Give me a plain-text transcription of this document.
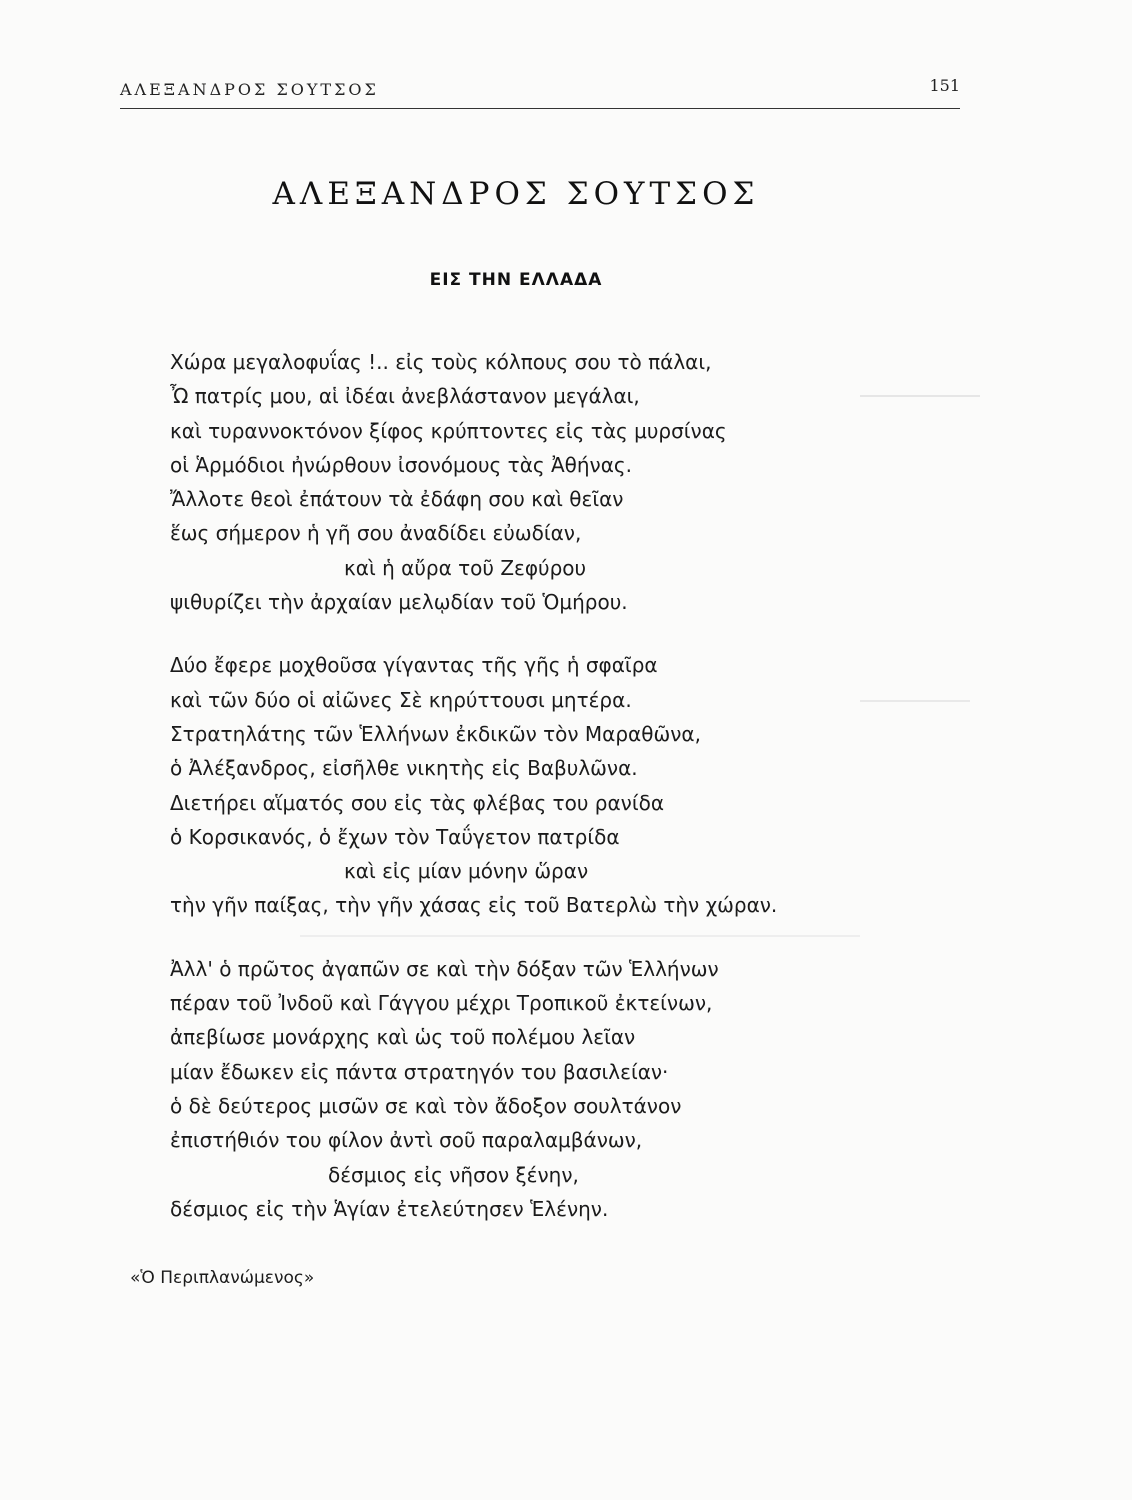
ΑΛΕΞΑΝΔΡΟΣ ΣΟΥΤΣΟΣ	151
ΑΛΕΞΑΝΔΡΟΣ ΣΟΥΤΣΟΣ
ΕΙΣ ΤΗΝ ΕΛΛΑΔΑ
Χώρα μεγαλοφυΐας !.. εἰς τοὺς κόλπους σου τὸ πάλαι,
Ὦ πατρίς μου, αἱ ἰδέαι ἀνεβλάστανον μεγάλαι,
καὶ τυραννοκτόνον ξίφος κρύπτοντες εἰς τὰς μυρσίνας
οἱ Ἁρμόδιοι ἠνώρθουν ἰσονόμους τὰς Ἀθήνας.
Ἄλλοτε θεοὶ ἐπάτουν τὰ ἐδάφη σου καὶ θεῖαν
ἕως σήμερον ἡ γῆ σου ἀναδίδει εὐωδίαν,
καὶ ἡ αὔρα τοῦ Ζεφύρου
ψιθυρίζει τὴν ἀρχαίαν μελῳδίαν τοῦ Ὁμήρου.
Δύο ἔφερε μοχθοῦσα γίγαντας τῆς γῆς ἡ σφαῖρα
καὶ τῶν δύο οἱ αἰῶνες Σὲ κηρύττουσι μητέρα.
Στρατηλάτης τῶν Ἑλλήνων ἐκδικῶν τὸν Μαραθῶνα,
ὁ Ἀλέξανδρος, εἰσῆλθε νικητὴς εἰς Βαβυλῶνα.
Διετήρει αἵματός σου εἰς τὰς φλέβας του ρανίδα
ὁ Κορσικανός, ὁ ἔχων τὸν Ταΰγετον πατρίδα
καὶ εἰς μίαν μόνην ὥραν
τὴν γῆν παίξας, τὴν γῆν χάσας εἰς τοῦ Βατερλὼ τὴν χώραν.
Ἀλλ' ὁ πρῶτος ἀγαπῶν σε καὶ τὴν δόξαν τῶν Ἑλλήνων
πέραν τοῦ Ἰνδοῦ καὶ Γάγγου μέχρι Τροπικοῦ ἐκτείνων,
ἀπεβίωσε μονάρχης καὶ ὡς τοῦ πολέμου λεῖαν
μίαν ἔδωκεν εἰς πάντα στρατηγόν του βασιλείαν·
ὁ δὲ δεύτερος μισῶν σε καὶ τὸν ἄδοξον σουλτάνον
ἐπιστήθιόν του φίλον ἀντὶ σοῦ παραλαμβάνων,
δέσμιος εἰς νῆσον ξένην,
δέσμιος εἰς τὴν Ἁγίαν ἐτελεύτησεν Ἑλένην.
«Ὁ Περιπλανώμενος»
